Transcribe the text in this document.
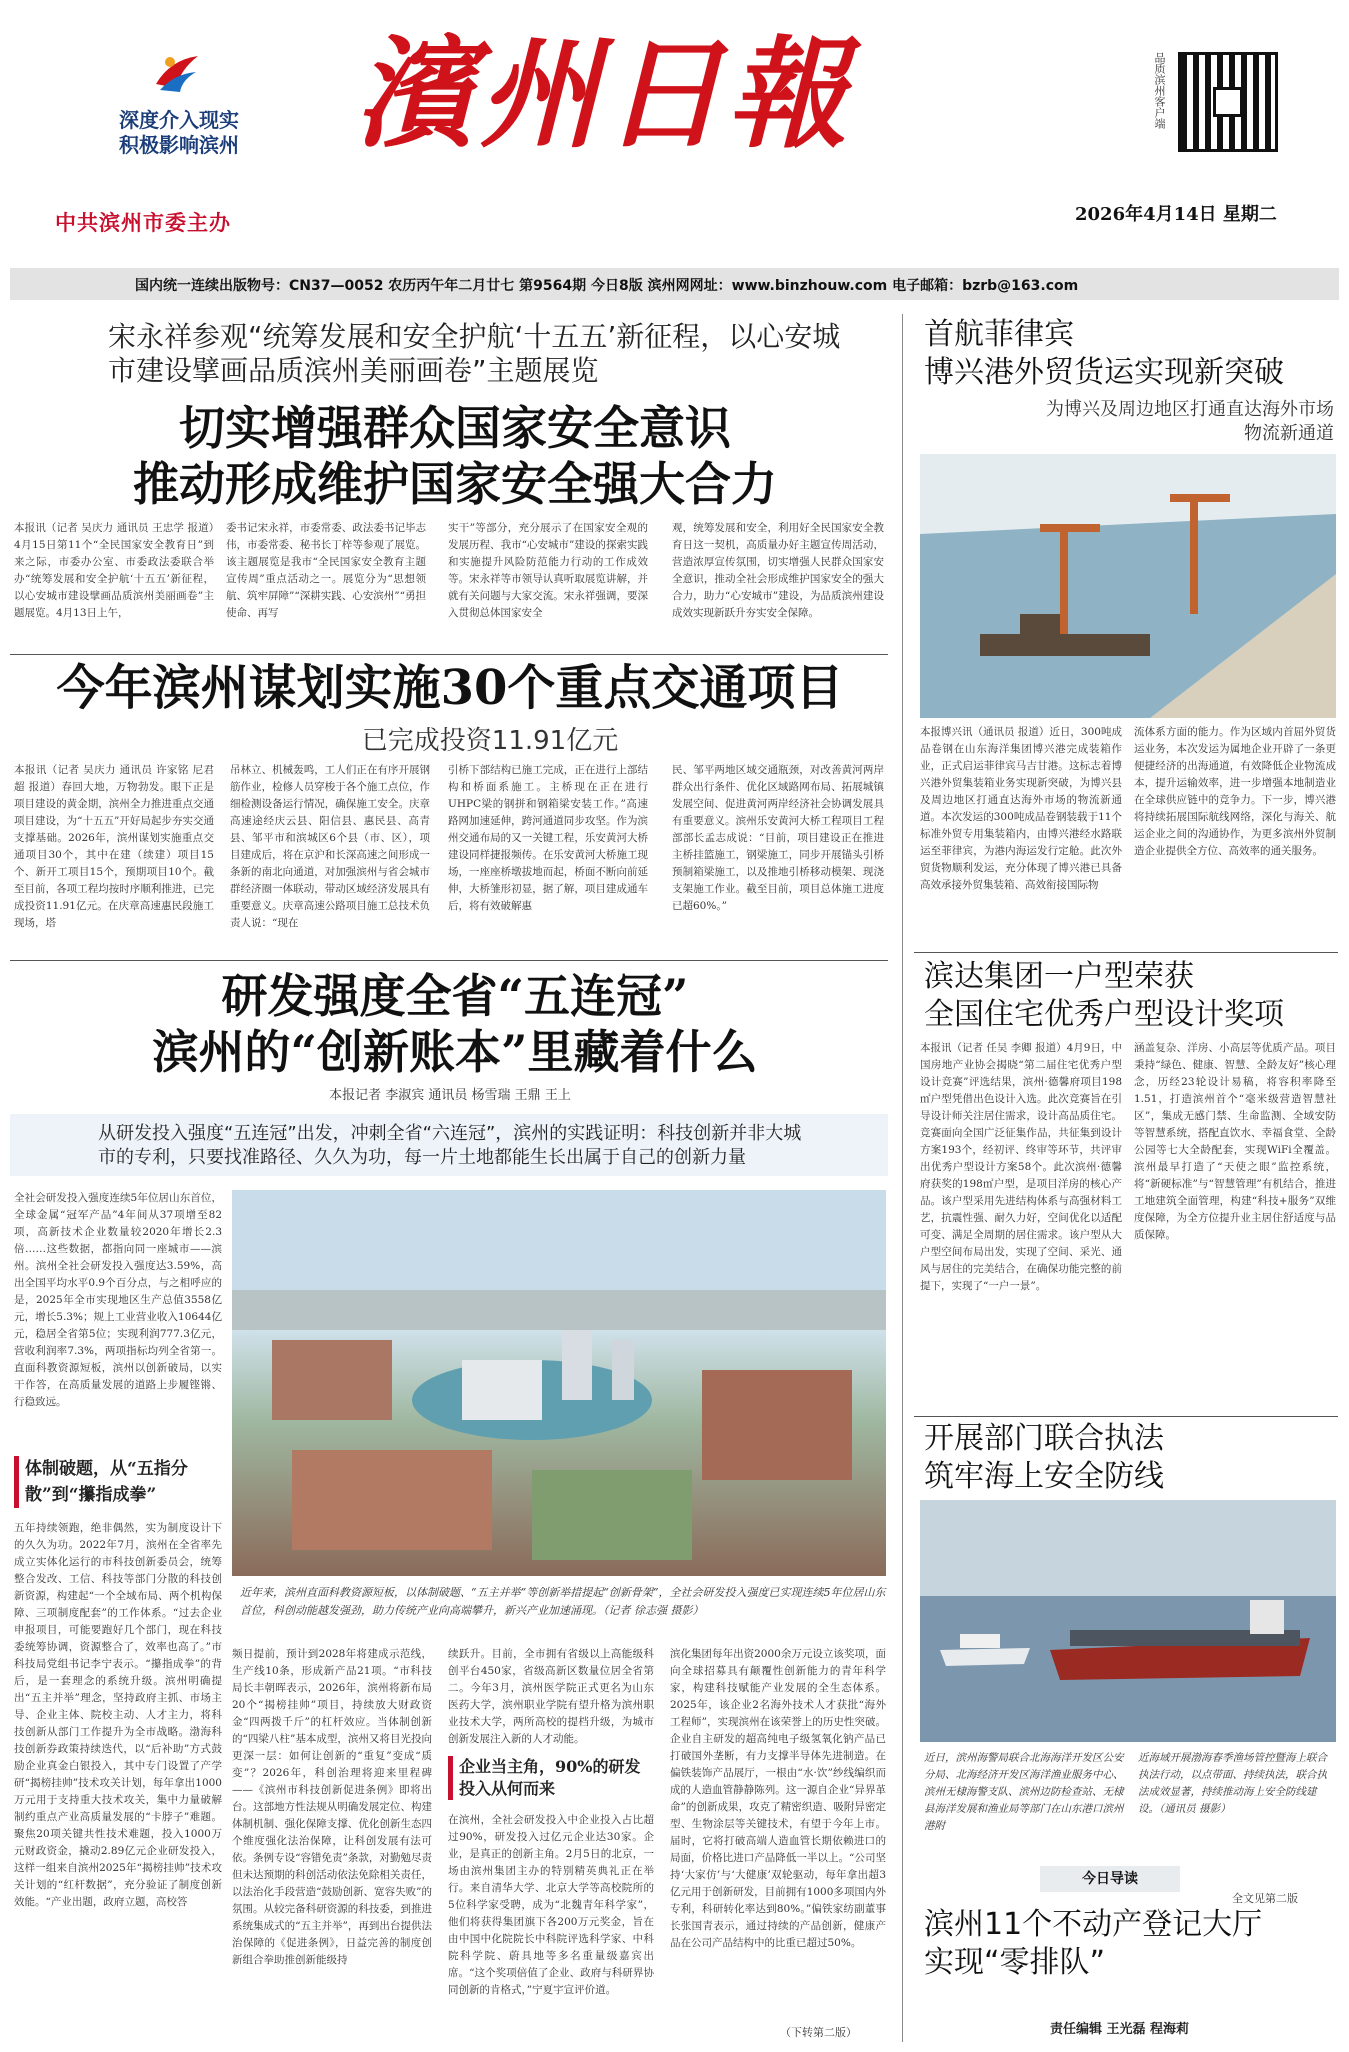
深度介入现实
积极影响滨州
中共滨州市委主办
濱州日報	品质滨州客户端
2026年4月14日 星期二
国内统一连续出版物号：CN37—0052 农历丙午年二月廿七 第9564期 今日8版 滨州网网址：www.binzhouw.com 电子邮箱：bzrb@163.com
宋永祥参观“统筹发展和安全护航‘十五五’新征程，以心安城
市建设擘画品质滨州美丽画卷”主题展览
切实增强群众国家安全意识
推动形成维护国家安全强大合力
本报讯（记者 吴庆力 通讯员 王忠学 报道）4月15日第11个“全民国家安全教育日”到来之际，市委办公室、市委政法委联合举办“统筹发展和安全护航‘十五五’新征程，以心安城市建设擘画品质滨州美丽画卷”主题展览。4月13日上午，
委书记宋永祥，市委常委、政法委书记毕志伟，市委常委、秘书长丁梓等参观了展览。该主题展览是我市“全民国家安全教育主题宣传周”重点活动之一。展览分为“思想领航、筑牢屏障”“深耕实践、心安滨州”“勇担使命、再写
实干”等部分，充分展示了在国家安全观的发展历程、我市“心安城市”建设的探索实践和实施提升风险防范能力行动的工作成效等。宋永祥等市领导认真听取展览讲解，并就有关问题与大家交流。宋永祥强调，要深入贯彻总体国家安全
观，统筹发展和安全，利用好全民国家安全教育日这一契机，高质量办好主题宣传周活动，营造浓厚宣传氛围，切实增强人民群众国家安全意识，推动全社会形成维护国家安全的强大合力，助力“心安城市”建设，为品质滨州建设成效实现新跃升夯实安全保障。
今年滨州谋划实施30个重点交通项目
已完成投资11.91亿元
本报讯（记者 吴庆力 通讯员 许家铭 尼君超 报道）春回大地，万物勃发。眼下正是项目建设的黄金期，滨州全力推进重点交通项目建设，为“十五五”开好局起步夯实交通支撑基础。2026年，滨州谋划实施重点交通项目30个，其中在建（续建）项目15个、新开工项目15个，预期项目10个。截至目前，各项工程均按时序顺利推进，已完成投资11.91亿元。在庆章高速惠民段施工现场，塔
吊林立、机械轰鸣，工人们正在有序开展钢筋作业，检修人员穿梭于各个施工点位，作细检测设备运行情况，确保施工安全。庆章高速途经庆云县、阳信县、惠民县、高青县、邹平市和滨城区6个县（市、区），项目建成后，将在京沪和长深高速之间形成一条新的南北向通道，对加强滨州与省会城市群经济圈一体联动，带动区域经济发展具有重要意义。庆章高速公路项目施工总技术负责人说：“现在
引桥下部结构已施工完成，正在进行上部结构和桥面系施工。主桥现在正在进行UHPC梁的钢拼和钢箱梁安装工作。”高速路网加速延伸，跨河通道同步攻坚。作为滨州交通布局的又一关键工程，乐安黄河大桥建设同样捷报频传。在乐安黄河大桥施工现场，一座座桥墩拔地而起，桥面不断向前延伸，大桥雏形初显，据了解，项目建成通车后，将有效破解惠
民、邹平两地区域交通瓶颈，对改善黄河两岸群众出行条件、优化区域路网布局、拓展城镇发展空间、促进黄河两岸经济社会协调发展具有重要意义。滨州乐安黄河大桥工程项目工程部部长孟志成说：“目前，项目建设正在推进主桥挂篮施工，钢梁施工，同步开展锚头引桥预制箱梁施工，以及推地引桥移动模架、现浇支架施工作业。截至目前，项目总体施工进度已超60%。”
研发强度全省“五连冠”
滨州的“创新账本”里藏着什么
本报记者 李淑宾 通讯员 杨雪瑞 王鼎 王上
从研发投入强度“五连冠”出发，冲刺全省“六连冠”，滨州的实践证明：科技创新并非大城
市的专利，只要找准路径、久久为功，每一片土地都能生长出属于自己的创新力量
全社会研发投入强度连续5年位居山东首位，全球金属“冠军产品”4年间从37项增至82项，高新技术企业数量较2020年增长2.3倍……这些数据，都指向同一座城市——滨州。滨州全社会研发投入强度达3.59%，高出全国平均水平0.9个百分点，与之相呼应的是，2025年全市实现地区生产总值3558亿元，增长5.3%；规上工业营业收入10644亿元，稳居全省第5位；实现利润777.3亿元，营收利润率7.3%，两项指标均列全省第一。直面科教资源短板，滨州以创新破局，以实干作答，在高质量发展的道路上步履铿锵、行稳致远。
体制破题，从“五指分散”到“攥指成拳”
五年持续领跑，绝非偶然，实为制度设计下的久久为功。2022年7月，滨州在全省率先成立实体化运行的市科技创新委员会，统筹整合发改、工信、科技等部门分散的科技创新资源，构建起“一个全域布局、两个机构保障、三项制度配套”的工作体系。“过去企业申报项目，可能要跑好几个部门，现在科技委统筹协调，资源整合了，效率也高了。”市科技局党组书记李宁表示。“攥指成拳”的背后，是一套理念的系统升级。滨州明确提出“五主并举”理念，坚持政府主抓、市场主导、企业主体、院校主动、人才主力，将科技创新从部门工作提升为全市战略。渤海科技创新券政策持续迭代，以“后补助”方式鼓励企业真金白银投入，其中专门设置了产学研“揭榜挂帅”技术攻关计划，每年拿出1000万元用于支持重大技术攻关，集中力量破解制约重点产业高质量发展的“卡脖子”难题。聚焦20项关键共性技术难题，投入1000万元财政资金，撬动2.89亿元企业研发投入，这样一组来自滨州2025年“揭榜挂帅”技术攻关计划的“红杆数据”，充分验证了制度创新效能。“产业出题，政府立题，高校答
近年来，滨州直面科教资源短板，以体制破题、“五主并举”等创新举措提起“创新骨架”，全社会研发投入强度已实现连续5年位居山东首位，科创动能越发强劲，助力传统产业向高端攀升，新兴产业加速涌现。（记者 徐志强 摄影）
频日提前，预计到2028年将建成示范线，生产线10条，形成新产品21项。“市科技局长丰朝晖表示，2026年，滨州将新布局20个“揭榜挂帅”项目，持续放大财政资金“四两拨千斤”的杠杆效应。当体制创新的“四梁八柱”基本成型，滨州又将目光投向更深一层：如何让创新的“重复”变成“质变”？2026年，科创治理将迎来里程碑——《滨州市科技创新促进条例》即将出台。这部地方性法规从明确发展定位、构建体制机制、强化保障支撑、优化创新生态四个维度强化法治保障，让科创发展有法可依。条例专设“容错免责”条款，对勤勉尽责但未达预期的科创活动依法免除相关责任，以法治化手段营造“鼓励创新、宽容失败”的氛围。从较完备科研资源的科技委，到推进系统集成式的“五主并举”，再到出台提供法治保障的《促进条例》，日益完善的制度创新组合拳助推创新能级持
续跃升。目前，全市拥有省级以上高能级科创平台450家，省级高新区数量位居全省第二。今年3月，滨州医学院正式更名为山东医药大学，滨州职业学院有望升格为滨州职业技术大学，两所高校的提档升级，为城市创新发展注入新的人才动能。
企业当主角，90%的研发投入从何而来
在滨州，全社会研发投入中企业投入占比超过90%，研发投入过亿元企业达30家。企业，是真正的创新主角。2月5日的北京，一场由滨州集团主办的特别精英典礼正在举行。来自清华大学、北京大学等高校院所的5位科学家受聘，成为“北魏青年科学家”，他们将获得集团旗下各200万元奖金，旨在由中国中化院院长中科院评选科学家、中科院科学院、蔚具地等多名重量级嘉宾出席。“这个奖项倍值了企业、政府与科研界协同创新的肯格式，”宁夏宇宣评价道。
滨化集团每年出资2000余万元设立该奖项，面向全球招募具有颠覆性创新能力的青年科学家，构建科技赋能产业发展的全生态体系。2025年，该企业2名海外技术人才获批“海外工程师”，实现滨州在该荣誉上的历史性突破。企业自主研发的超高纯电子级氢氧化钠产品已打破国外垄断，有力支撑半导体先进制造。在偏铁装饰产品展厅，一根由“水·饮”纱线编织而成的人造血管静静陈列。这一源自企业“异界革命”的创新成果，攻克了精密织造、吸附异密定型、生物涂层等关键技术，有望于今年上市。届时，它将打破高端人造血管长期依赖进口的局面，价格比进口产品降低一半以上。“公司坚持‘大家仿’与‘大健康’双轮驱动，每年拿出超3亿元用于创新研发，目前拥有1000多项国内外专利，科研转化率达到80%。”偏铁家纺副董事长张国青表示，通过持续的产品创新，健康产品在公司产品结构中的比重已超过50%。
（下转第二版）
首航菲律宾
博兴港外贸货运实现新突破
为博兴及周边地区打通直达海外市场
物流新通道
本报博兴讯（通讯员 报道）近日，300吨成品卷钢在山东海洋集团博兴港完成装箱作业，正式启运菲律宾马吉甘港。这标志着博兴港外贸集装箱业务实现新突破，为博兴县及周边地区打通直达海外市场的物流新通道。本次发运的300吨成品卷钢装载于11个标准外贸专用集装箱内，由博兴港经水路联运至菲律宾，为港内海运发行定舱。此次外贸货物顺利发运，充分体现了博兴港已具备高效承接外贸集装箱、高效衔接国际物
流体系方面的能力。作为区域内首屈外贸货运业务，本次发运为属地企业开辟了一条更便捷经济的出海通道，有效降低企业物流成本，提升运输效率，进一步增强本地制造业在全球供应链中的竞争力。下一步，博兴港将持续拓展国际航线网络，深化与海关、航运企业之间的沟通协作，为更多滨州外贸制造企业提供全方位、高效率的通关服务。
滨达集团一户型荣获
全国住宅优秀户型设计奖项
本报讯（记者 任吴 李卿 报道）4月9日，中国房地产业协会揭晓“第二届住宅优秀户型设计竞赛”评选结果，滨州·德馨府项目198㎡户型凭借出色设计入选。此次竞赛旨在引导设计师关注居住需求，设计高品质住宅。竞赛面向全国广泛征集作品，共征集到设计方案193个，经初评、终审等环节，共评审出优秀户型设计方案58个。此次滨州·德馨府获奖的198㎡户型，是项目洋房的核心产品。该户型采用先进结构体系与高强材料工艺，抗震性强、耐久力好，空间优化以适配可变、满足全周期的居住需求。该户型从大户型空间布局出发，实现了空间、采光、通风与居住的完美结合，在确保功能完整的前提下，实现了“一户一景”。
涵盖复杂、洋房、小高层等优质产品。项目秉持“绿色、健康、智慧、全龄友好”核心理念，历经23轮设计易稿，将容积率降至1.51，打造滨州首个“毫米级营造智慧社区”，集成无感门禁、生命监测、全域安防等智慧系统，搭配直饮水、幸福食堂、全龄公园等七大全龄配套，实现WiFi全覆盖。滨州最早打造了“天使之眼”监控系统，将“新硬标准”与“智慧管理”有机结合，推进工地建筑全面管理，构建“科技+服务”双维度保障，为全方位提升业主居住舒适度与品质保障。
开展部门联合执法
筑牢海上安全防线
近日，滨州海警局联合北海海洋开发区公安分局、北海经济开发区海洋渔业服务中心、滨州无棣海警支队、滨州边防检查站、无棣县海洋发展和渔业局等部门在山东港口滨州港附
近海域开展渤海春季渔场管控暨海上联合执法行动，以点带面、持续执法，联合执法成效显著，持续推动海上安全防线建设。（通讯员 摄影）
今日导读
全文见第二版
滨州11个不动产登记大厅
实现“零排队”
责任编辑 王光磊 程海莉
